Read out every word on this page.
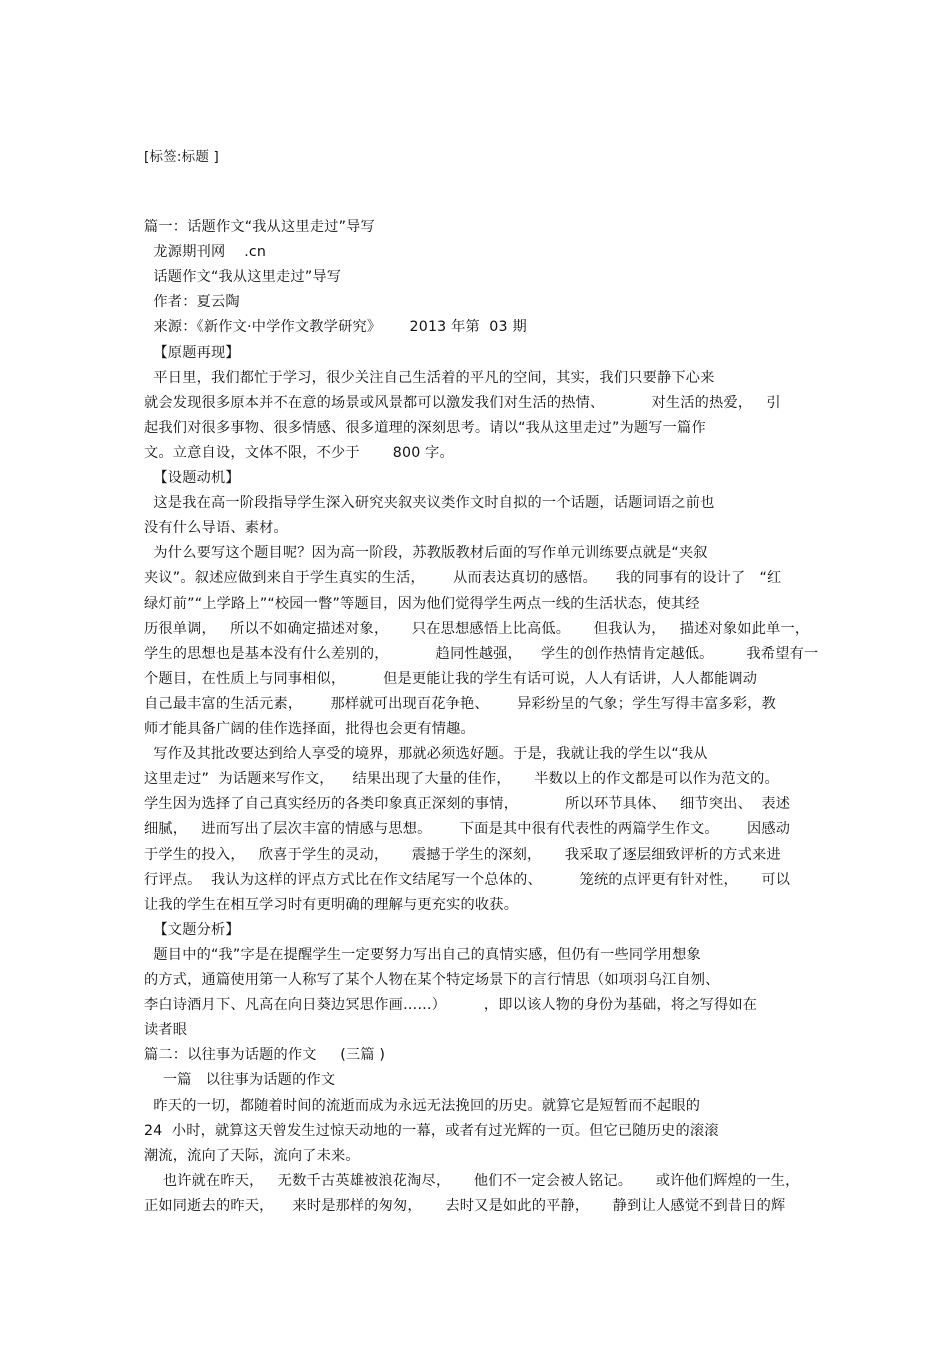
[标签:标题 ]
篇一：话题作文“我从这里走过”导写
龙源期刊网    .cn
话题作文“我从这里走过”导写
作者：夏云陶
来源：《新作文·中学作文教学研究》      2013 年第  03 期
【原题再现】
平日里，我们都忙于学习，很少关注自己生活着的平凡的空间，其实，我们只要静下心来
就会发现很多原本并不在意的场景或风景都可以激发我们对生活的热情、          对生活的热爱，   引
起我们对很多事物、很多情感、很多道理的深刻思考。请以“我从这里走过”为题写一篇作
文。立意自设，文体不限，不少于       800 字。
【设题动机】
这是我在高一阶段指导学生深入研究夹叙夹议类作文时自拟的一个话题，话题词语之前也
没有什么导语、素材。
为什么要写这个题目呢？因为高一阶段，苏教版教材后面的写作单元训练要点就是“夹叙
夹议”。叙述应做到来自于学生真实的生活，      从而表达真切的感悟。    我的同事有的设计了   “红
绿灯前”“上学路上”“校园一瞥”等题目，因为他们觉得学生两点一线的生活状态，使其经
历很单调，   所以不如确定描述对象，     只在思想感悟上比高低。     但我认为，   描述对象如此单一，
学生的思想也是基本没有什么差别的，          趋同性越强，    学生的创作热情肯定越低。       我希望有一
个题目，在性质上与同事相似，        但是更能让我的学生有话可说，人人有话讲，人人都能调动
自己最丰富的生活元素，      那样就可出现百花争艳、      异彩纷呈的气象；学生写得丰富多彩，教
师才能具备广阔的佳作选择面，批得也会更有情趣。
写作及其批改要达到给人享受的境界，那就必须选好题。于是，我就让我的学生以“我从
这里走过”  为话题来写作文，    结果出现了大量的佳作，     半数以上的作文都是可以作为范文的。
学生因为选择了自己真实经历的各类印象真正深刻的事情，          所以环节具体、   细节突出、  表述
细腻，   进而写出了层次丰富的情感与思想。      下面是其中很有代表性的两篇学生作文。      因感动
于学生的投入，   欣喜于学生的灵动，     震撼于学生的深刻，     我采取了逐层细致评析的方式来进
行评点。  我认为这样的评点方式比在作文结尾写一个总体的、        笼统的点评更有针对性，     可以
让我的学生在相互学习时有更明确的理解与更充实的收获。
【文题分析】
题目中的“我”字是在提醒学生一定要努力写出自己的真情实感，但仍有一些同学用想象
的方式，通篇使用第一人称写了某个人物在某个特定场景下的言行情思（如项羽乌江自刎、
李白诗酒月下、凡高在向日葵边冥思作画……）        ，即以该人物的身份为基础，将之写得如在
读者眼
篇二：以往事为话题的作文     (三篇 )
一篇   以往事为话题的作文
昨天的一切，都随着时间的流逝而成为永远无法挽回的历史。就算它是短暂而不起眼的
24  小时，就算这天曾发生过惊天动地的一幕，或者有过光辉的一页。但它已随历史的滚滚
潮流，流向了天际，流向了未来。
也许就在昨天，   无数千古英雄被浪花淘尽，     他们不一定会被人铭记。     或许他们辉煌的一生，
正如同逝去的昨天，    来时是那样的匆匆，     去时又是如此的平静，     静到让人感觉不到昔日的辉
